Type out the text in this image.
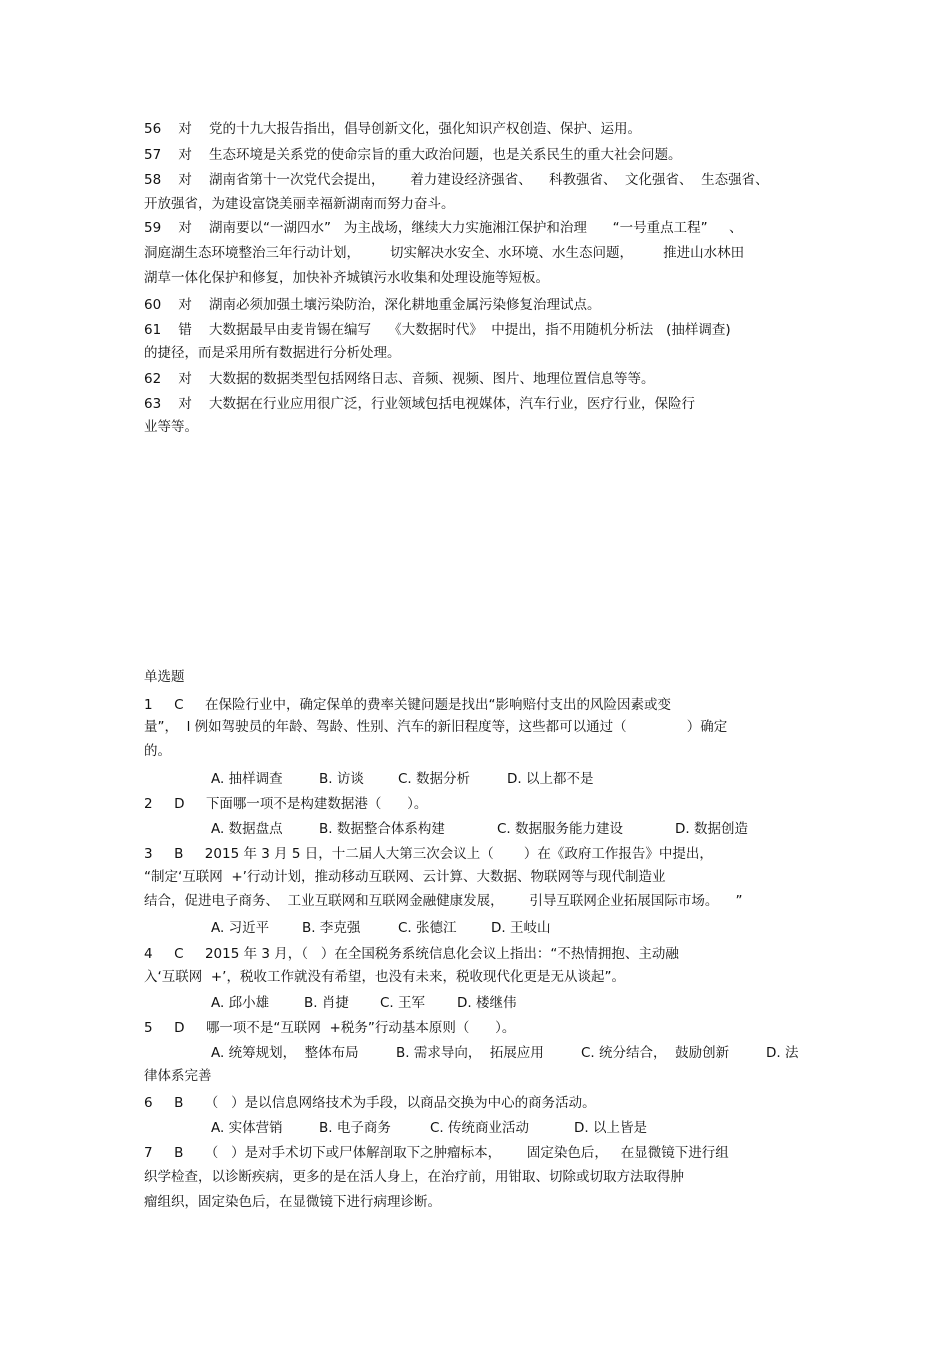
56 对 党的十九大报告指出，倡导创新文化，强化知识产权创造、保护、运用。
57 对 生态环境是关系党的使命宗旨的重大政治问题，也是关系民生的重大社会问题。
58 对 湖南省第十一次党代会提出，      着力建设经济强省、    科教强省、  文化强省、  生态强省、
开放强省，为建设富饶美丽幸福新湖南而努力奋斗。
59 对 湖南要以“一湖四水”   为主战场，继续大力实施湘江保护和治理      “一号重点工程”     、
洞庭湖生态环境整治三年行动计划，       切实解决水安全、水环境、水生态问题，       推进山水林田
湖草一体化保护和修复，加快补齐城镇污水收集和处理设施等短板。
60 对 湖南必须加强土壤污染防治，深化耕地重金属污染修复治理试点。
61 错 大数据最早由麦肯锡在编写    《大数据时代》  中提出，指不用随机分析法   (抽样调查)
的捷径，而是采用所有数据进行分析处理。
62 对 大数据的数据类型包括网络日志、音频、视频、图片、地理位置信息等等。
63 对 大数据在行业应用很广泛，行业领域包括电视媒体，汽车行业，医疗行业，保险行
业等等。
单选题
1 C 在保险行业中，确定保单的费率关键问题是找出“影响赔付支出的风险因素或变
量”，  l 例如驾驶员的年龄、驾龄、性别、汽车的新旧程度等，这些都可以通过（              ）确定
的。
A. 抽样调查	B. 访谈	C. 数据分析	D. 以上都不是
2 D 下面哪一项不是构建数据港（      ）。
A. 数据盘点	B. 数据整合体系构建	C. 数据服务能力建设	D. 数据创造
3 B 2015 年 3 月 5 日，十二届人大第三次会议上（       ）在《政府工作报告》中提出，
“制定‘互联网  +’行动计划，推动移动互联网、云计算、大数据、物联网等与现代制造业
结合，促进电子商务、  工业互联网和互联网金融健康发展，      引导互联网企业拓展国际市场。    ”
A. 习近平 B. 李克强	C. 张德江	D. 王岐山
4 C 2015 年 3 月，（   ）在全国税务系统信息化会议上指出：“不热情拥抱、主动融
入‘互联网  +’，税收工作就没有希望，也没有未来，税收现代化更是无从谈起”。
A. 邱小雄	B. 肖捷 C. 王军 D. 楼继伟
5 D 哪一项不是“互联网  +税务”行动基本原则（      ）。
A. 统筹规划，  整体布局	B. 需求导向，  拓展应用	C. 统分结合，  鼓励创新	D. 法
律体系完善
6 B （   ）是以信息网络技术为手段，以商品交换为中心的商务活动。
A. 实体营销	B. 电子商务	C. 传统商业活动	D. 以上皆是
7 B （   ）是对手术切下或尸体解剖取下之肿瘤标本，      固定染色后，   在显微镜下进行组
织学检查，以诊断疾病，更多的是在活人身上，在治疗前，用钳取、切除或切取方法取得肿
瘤组织，固定染色后，在显微镜下进行病理诊断。
